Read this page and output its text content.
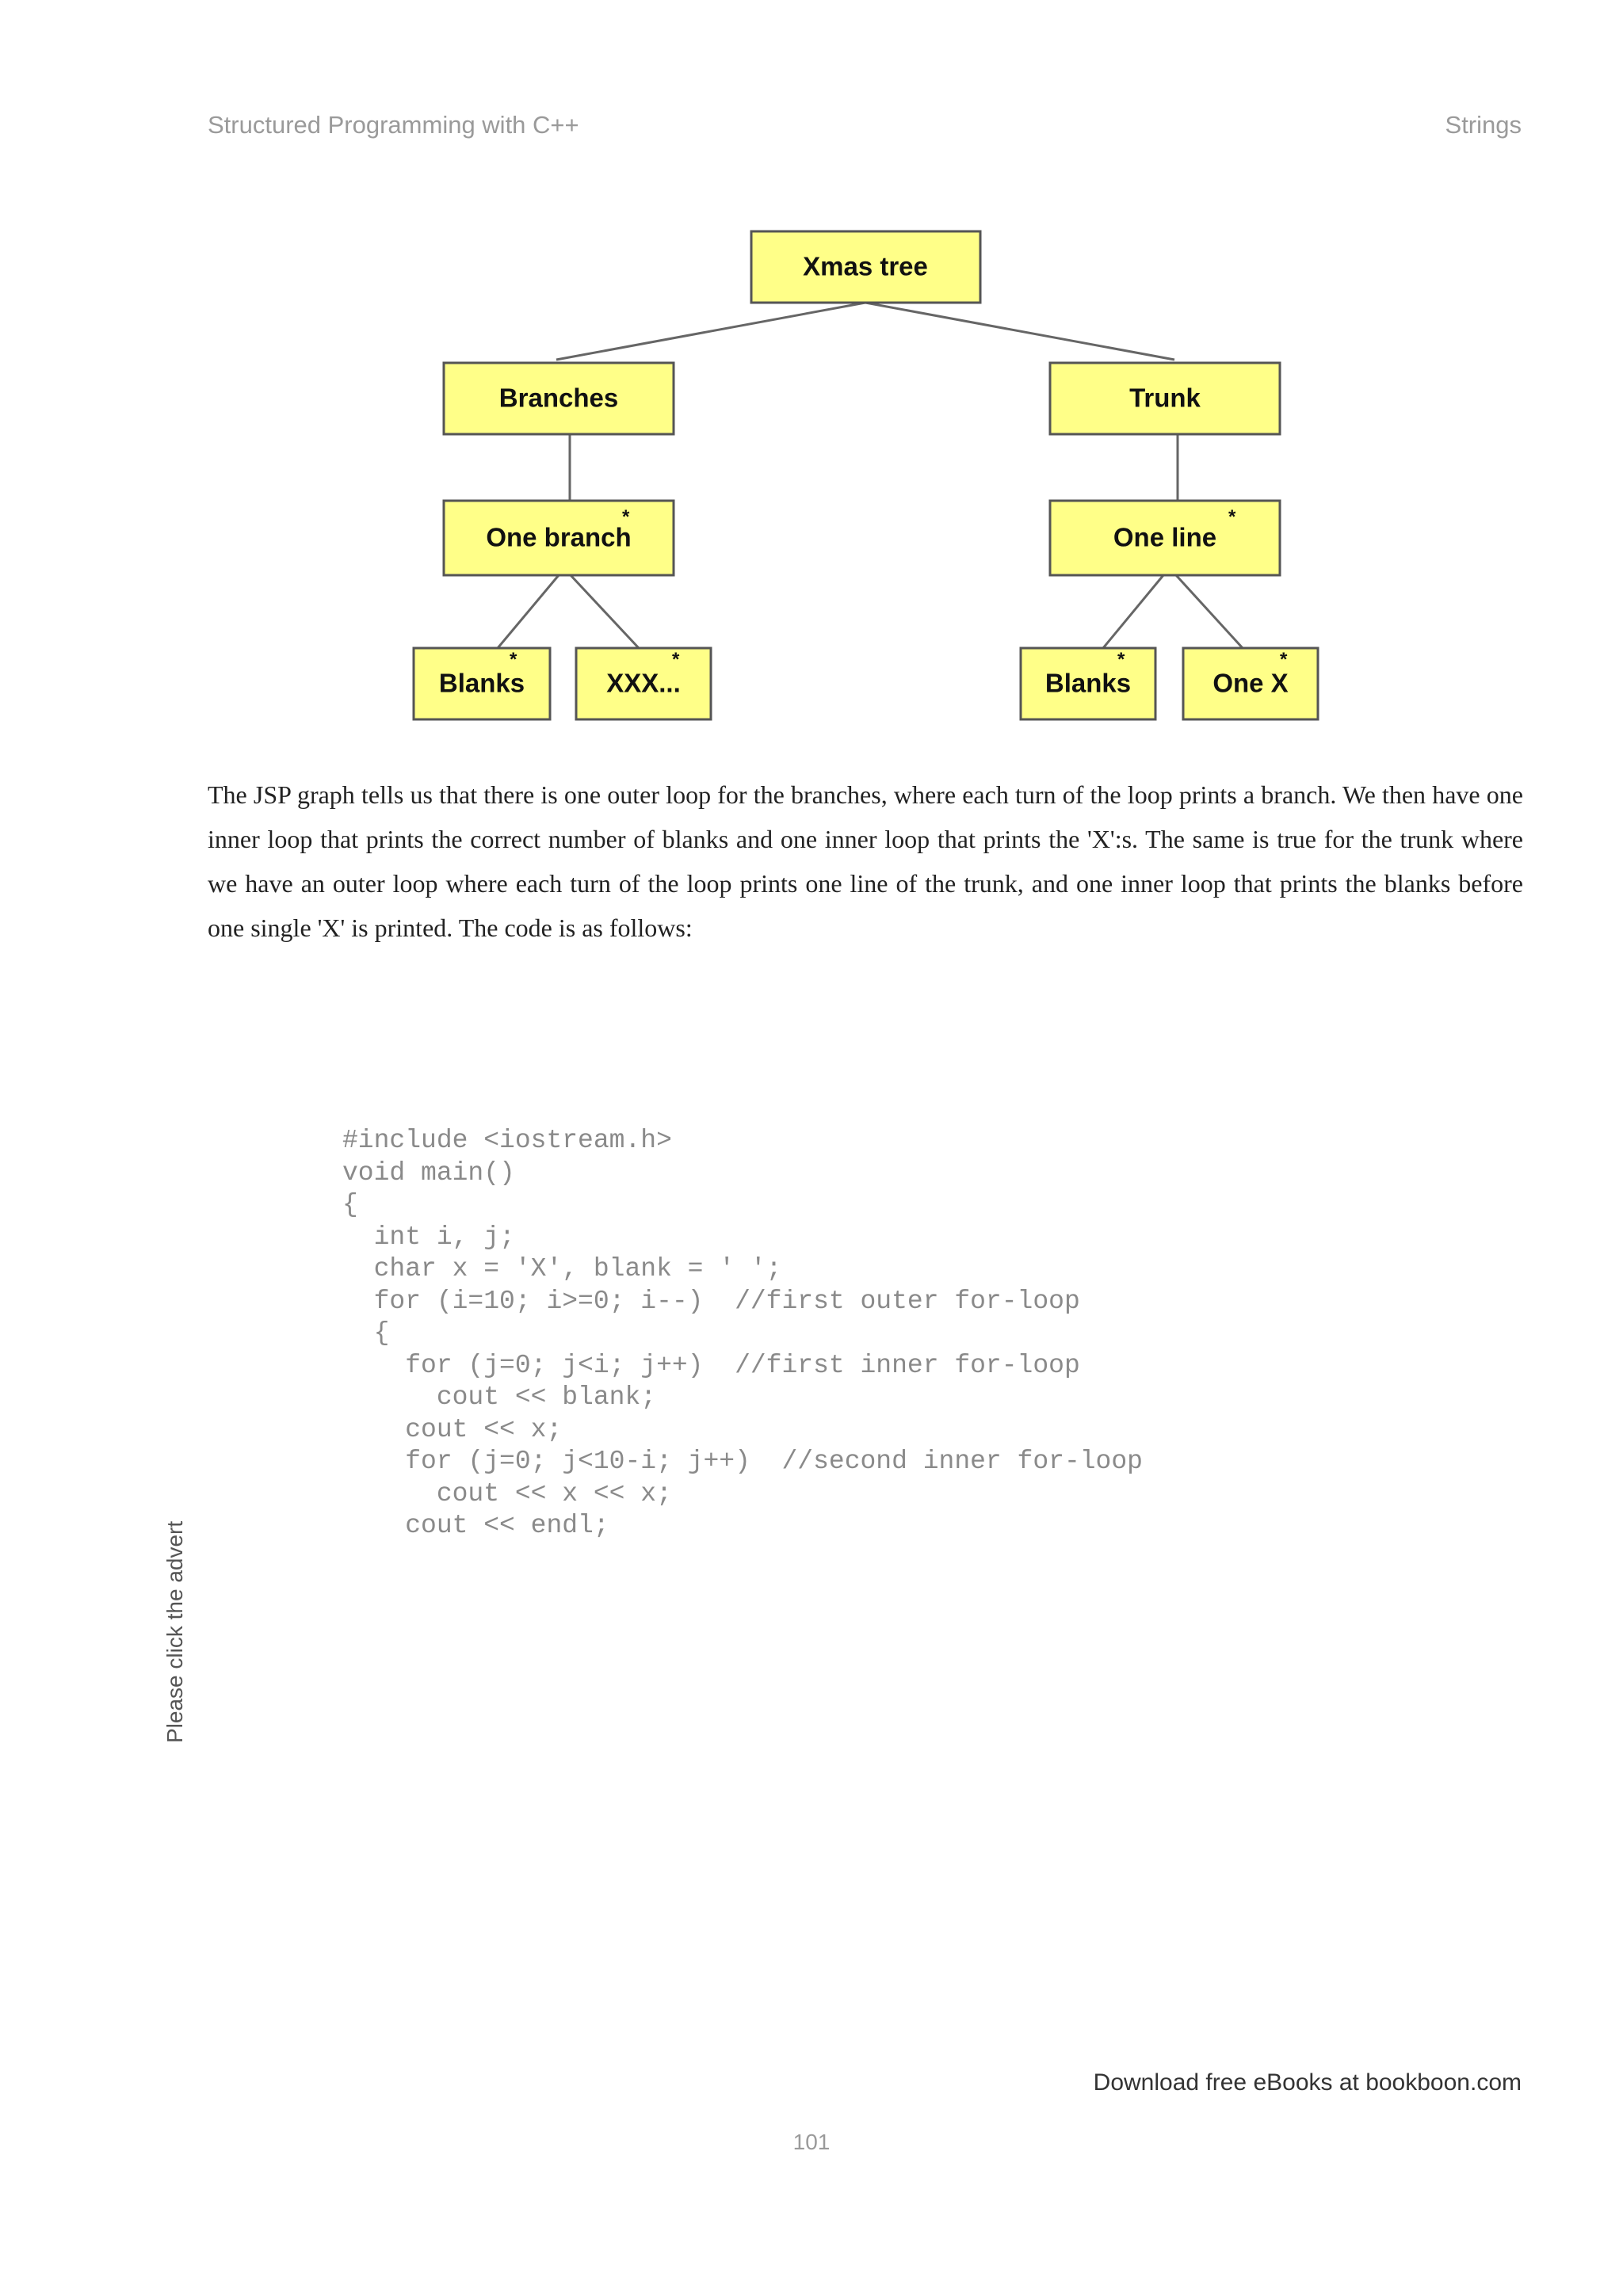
Structured Programming with C++	Strings
Xmas tree
Branches	Trunk
One branch
*
One line
*
Blanks
*
XXX...
*
Blanks
*
One X
*

The JSP graph tells us that there is one outer loop for the branches, where each turn of the loop prints a branch. We then have one inner loop that prints the correct number of blanks and one inner loop that prints the 'X':s. The same is true for the trunk where we have an outer loop where each turn of the loop prints one line of the trunk, and one inner loop that prints the blanks before one single 'X' is printed. The code is as follows:

Please click the advert
#include <iostream.h>
void main()
{
int i, j;
char x = 'X', blank = ' ';
for (i=10; i>=0; i--)  //first outer for-loop
{
for (j=0; j<i; j++)  //first inner for-loop
cout << blank;
cout << x;
for (j=0; j<10-i; j++)  //second inner for-loop
cout << x << x;
cout << endl;
Download free eBooks at bookboon.com
101
